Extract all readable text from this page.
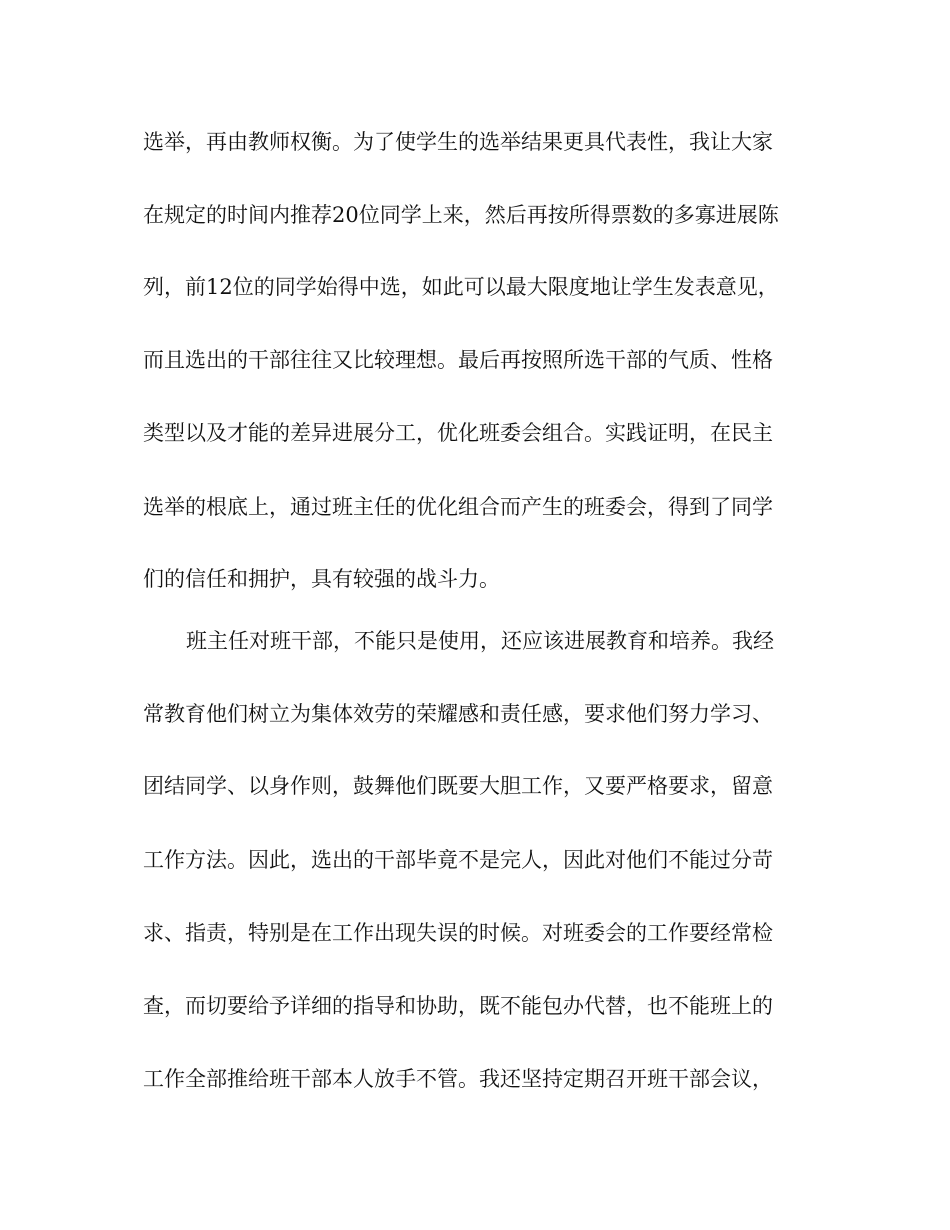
选举，再由教师权衡。为了使学生的选举结果更具代表性，我让大家
在规定的时间内推荐20位同学上来，然后再按所得票数的多寡进展陈
列，前12位的同学始得中选，如此可以最大限度地让学生发表意见，
而且选出的干部往往又比较理想。最后再按照所选干部的气质、性格
类型以及才能的差异进展分工，优化班委会组合。实践证明，在民主
选举的根底上，通过班主任的优化组合而产生的班委会，得到了同学
们的信任和拥护，具有较强的战斗力。
班主任对班干部，不能只是使用，还应该进展教育和培养。我经
常教育他们树立为集体效劳的荣耀感和责任感，要求他们努力学习、
团结同学、以身作则，鼓舞他们既要大胆工作，又要严格要求，留意
工作方法。因此，选出的干部毕竟不是完人，因此对他们不能过分苛
求、指责，特别是在工作出现失误的时候。对班委会的工作要经常检
查，而切要给予详细的指导和协助，既不能包办代替，也不能班上的
工作全部推给班干部本人放手不管。我还坚持定期召开班干部会议，
